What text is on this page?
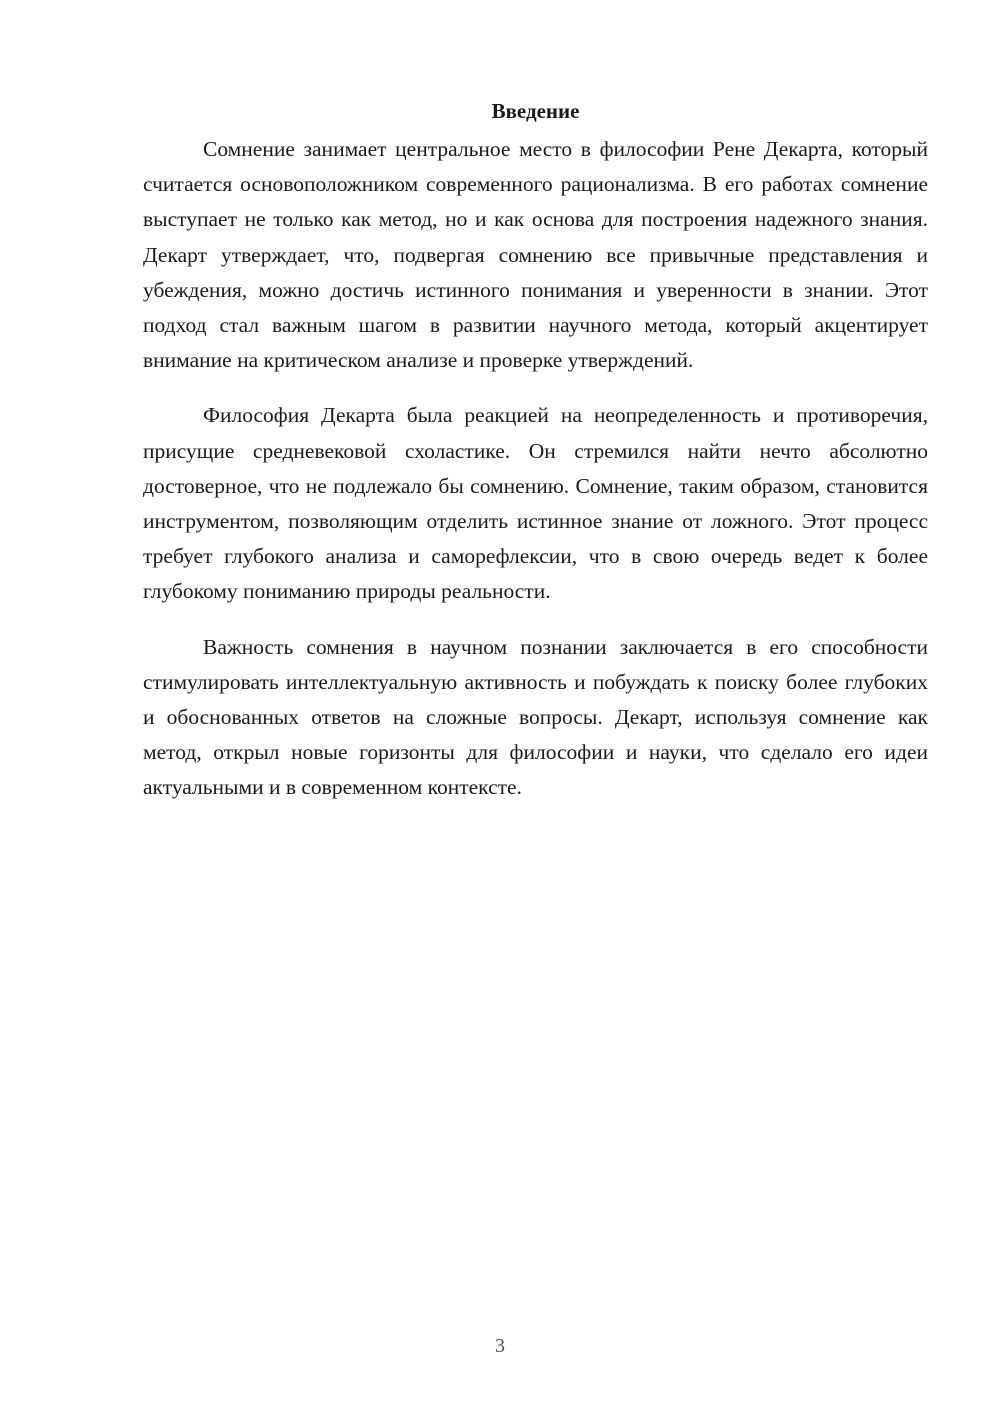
Введение

Сомнение занимает центральное место в философии Рене Декарта, который считается основоположником современного рационализма. В его работах сомнение выступает не только как метод, но и как основа для построения надежного знания. Декарт утверждает, что, подвергая сомнению все привычные представления и убеждения, можно достичь истинного понимания и уверенности в знании. Этот подход стал важным шагом в развитии научного метода, который акцентирует внимание на критическом анализе и проверке утверждений.

Философия Декарта была реакцией на неопределенность и противоречия, присущие средневековой схоластике. Он стремился найти нечто абсолютно достоверное, что не подлежало бы сомнению. Сомнение, таким образом, становится инструментом, позволяющим отделить истинное знание от ложного. Этот процесс требует глубокого анализа и саморефлексии, что в свою очередь ведет к более глубокому пониманию природы реальности.

Важность сомнения в научном познании заключается в его способности стимулировать интеллектуальную активность и побуждать к поиску более глубоких и обоснованных ответов на сложные вопросы. Декарт, используя сомнение как метод, открыл новые горизонты для философии и науки, что сделало его идеи актуальными и в современном контексте.

3
